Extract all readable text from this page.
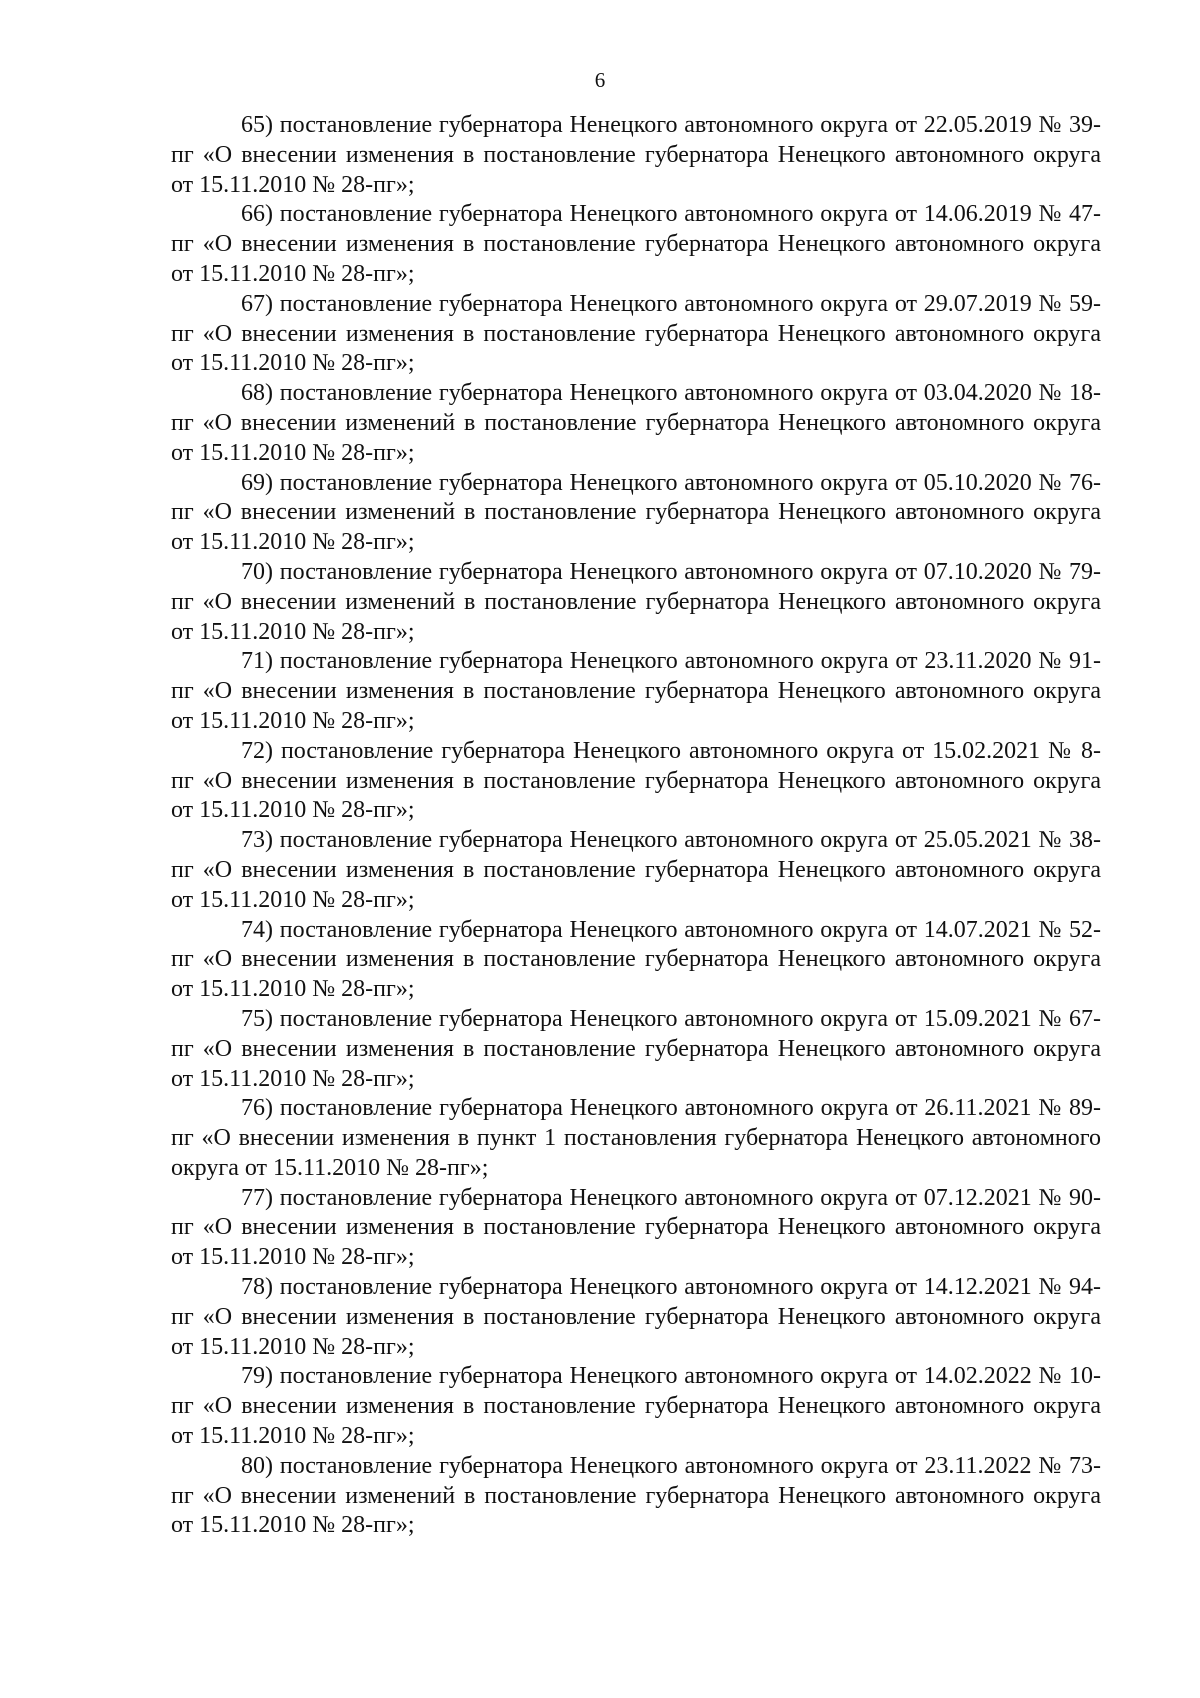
6

65) постановление губернатора Ненецкого автономного округа от 22.05.2019 № 39-пг «О внесении изменения в постановление губернатора Ненецкого автономного округа от 15.11.2010 № 28-пг»;

66) постановление губернатора Ненецкого автономного округа от 14.06.2019 № 47-пг «О внесении изменения в постановление губернатора Ненецкого автономного округа от 15.11.2010 № 28-пг»;

67) постановление губернатора Ненецкого автономного округа от 29.07.2019 № 59-пг «О внесении изменения в постановление губернатора Ненецкого автономного округа от 15.11.2010 № 28-пг»;

68) постановление губернатора Ненецкого автономного округа от 03.04.2020 № 18-пг «О внесении изменений в постановление губернатора Ненецкого автономного округа от 15.11.2010 № 28-пг»;

69) постановление губернатора Ненецкого автономного округа от 05.10.2020 № 76-пг «О внесении изменений в постановление губернатора Ненецкого автономного округа от 15.11.2010 № 28-пг»;

70) постановление губернатора Ненецкого автономного округа от 07.10.2020 № 79-пг «О внесении изменений в постановление губернатора Ненецкого автономного округа от 15.11.2010 № 28-пг»;

71) постановление губернатора Ненецкого автономного округа от 23.11.2020 № 91-пг «О внесении изменения в постановление губернатора Ненецкого автономного округа от 15.11.2010 № 28-пг»;

72) постановление губернатора Ненецкого автономного округа от 15.02.2021 № 8-пг «О внесении изменения в постановление губернатора Ненецкого автономного округа от 15.11.2010 № 28-пг»;

73) постановление губернатора Ненецкого автономного округа от 25.05.2021 № 38-пг «О внесении изменения в постановление губернатора Ненецкого автономного округа от 15.11.2010 № 28-пг»;

74) постановление губернатора Ненецкого автономного округа от 14.07.2021 № 52-пг «О внесении изменения в постановление губернатора Ненецкого автономного округа от 15.11.2010 № 28-пг»;

75) постановление губернатора Ненецкого автономного округа от 15.09.2021 № 67-пг «О внесении изменения в постановление губернатора Ненецкого автономного округа от 15.11.2010 № 28-пг»;

76) постановление губернатора Ненецкого автономного округа от 26.11.2021 № 89-пг «О внесении изменения в пункт 1 постановления губернатора Ненецкого автономного округа от 15.11.2010 № 28-пг»;

77) постановление губернатора Ненецкого автономного округа от 07.12.2021 № 90-пг «О внесении изменения в постановление губернатора Ненецкого автономного округа от 15.11.2010 № 28-пг»;

78) постановление губернатора Ненецкого автономного округа от 14.12.2021 № 94-пг «О внесении изменения в постановление губернатора Ненецкого автономного округа от 15.11.2010 № 28-пг»;

79) постановление губернатора Ненецкого автономного округа от 14.02.2022 № 10-пг «О внесении изменения в постановление губернатора Ненецкого автономного округа от 15.11.2010 № 28-пг»;

80) постановление губернатора Ненецкого автономного округа от 23.11.2022 № 73-пг «О внесении изменений в постановление губернатора Ненецкого автономного округа от 15.11.2010 № 28-пг»;
